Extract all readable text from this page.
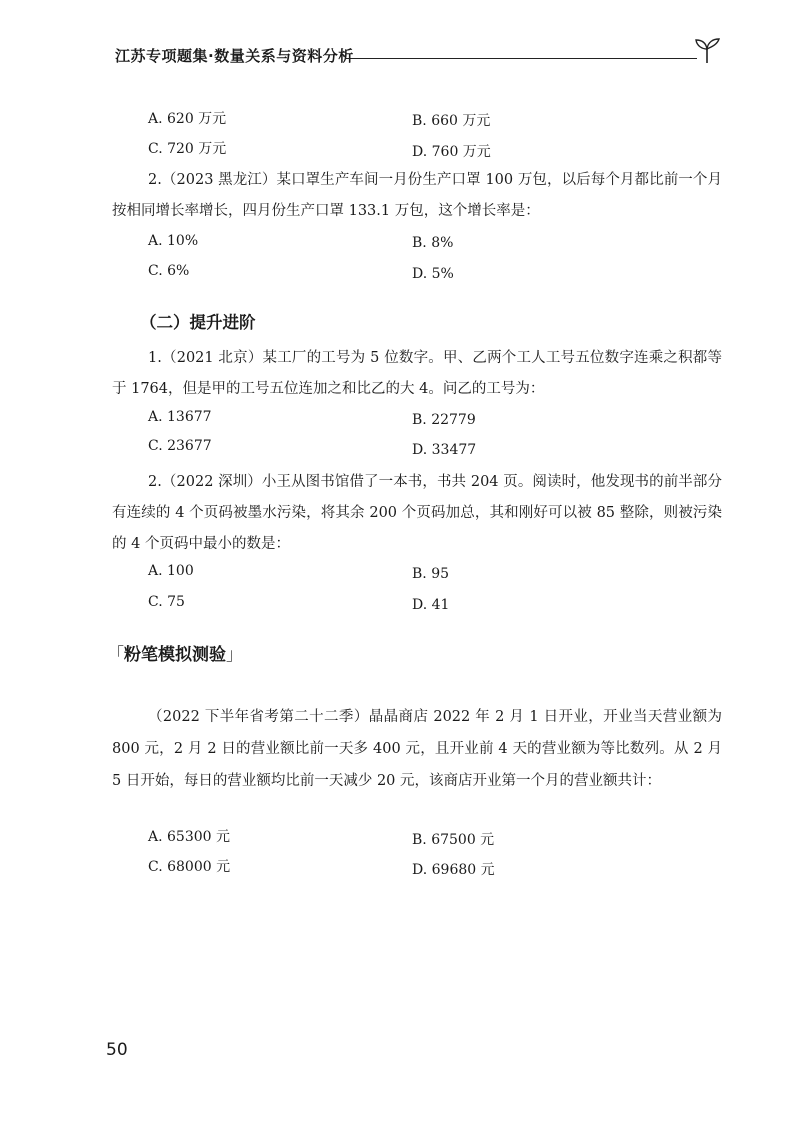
江苏专项题集·数量关系与资料分析
A. 620 万元	B. 660 万元
C. 720 万元	D. 760 万元

2.（2023 黑龙江）某口罩生产车间一月份生产口罩 100 万包，以后每个月都比前一个月按相同增长率增长，四月份生产口罩 133.1 万包，这个增长率是：

A. 10%	B. 8%
C. 6%	D. 5%
（二）提升进阶

1.（2021 北京）某工厂的工号为 5 位数字。甲、乙两个工人工号五位数字连乘之积都等于 1764，但是甲的工号五位连加之和比乙的大 4。问乙的工号为：

A. 13677	B. 22779
C. 23677	D. 33477

2.（2022 深圳）小王从图书馆借了一本书，书共 204 页。阅读时，他发现书的前半部分有连续的 4 个页码被墨水污染，将其余 200 个页码加总，其和刚好可以被 85 整除，则被污染的 4 个页码中最小的数是：

A. 100	B. 95
C. 75	D. 41
「粉笔模拟测验」

（2022 下半年省考第二十二季）晶晶商店 2022 年 2 月 1 日开业，开业当天营业额为 800 元，2 月 2 日的营业额比前一天多 400 元，且开业前 4 天的营业额为等比数列。从 2 月 5 日开始，每日的营业额均比前一天减少 20 元，该商店开业第一个月的营业额共计：

A. 65300 元	B. 67500 元
C. 68000 元	D. 69680 元
50
